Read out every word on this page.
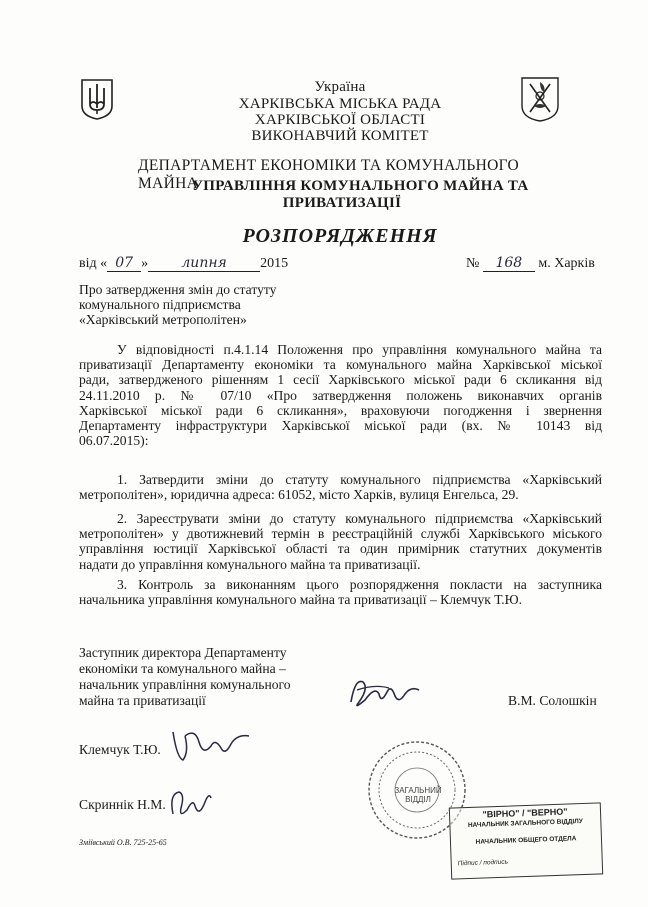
Україна
ХАРКІВСЬКА МІСЬКА РАДА
ХАРКІВСЬКОЇ ОБЛАСТІ
ВИКОНАВЧИЙ КОМІТЕТ
ДЕПАРТАМЕНТ ЕКОНОМІКИ ТА КОМУНАЛЬНОГО МАЙНА
УПРАВЛІННЯ КОМУНАЛЬНОГО МАЙНА ТА
ПРИВАТИЗАЦІЇ
РОЗПОРЯДЖЕННЯ
від « 07 » липня 2015	№ 168 м. Харків
Про затвердження змін до статуту
комунального підприємства
«Харківський метрополітен»
У відповідності п.4.1.14 Положення про управління комунального майна та
приватизації Департаменту економіки та комунального майна Харківської міської
ради, затвердженого рішенням 1 сесії Харківського міської ради 6 скликання від
24.11.2010 р. № 07/10 «Про затвердження положень виконавчих органів
Харківської міської ради 6 скликання», враховуючи погодження і звернення
Департаменту інфраструктури Харківської міської ради (вх. № 10143 від
06.07.2015):
1. Затвердити зміни до статуту комунального підприємства «Харківський
метрополітен», юридична адреса: 61052, місто Харків, вулиця Енгельса, 29.
2. Зареєструвати зміни до статуту комунального підприємства «Харківський
метрополітен» у двотижневий термін в реєстраційній службі Харківського міського
управління юстиції Харківської області та один примірник статутних документів
надати до управління комунального майна та приватизації.
3. Контроль за виконанням цього розпорядження покласти на заступника
начальника управління комунального майна та приватизації – Клемчук Т.Ю.
Заступник директора Департаменту
економіки та комунального майна –
начальник управління комунального
майна та приватизації	В.М. Солошкін
Клемчук Т.Ю.
Скриннік Н.М.
Зміївський О.В. 725-25-65
ЗАГАЛЬНИЙ ВІДДІЛ
"ВІРНО" / "ВЕРНО"
НАЧАЛЬНИК ЗАГАЛЬНОГО ВІДДІЛУ
НАЧАЛЬНИК ОБЩЕГО ОТДЕЛА
Підпис / подпись
